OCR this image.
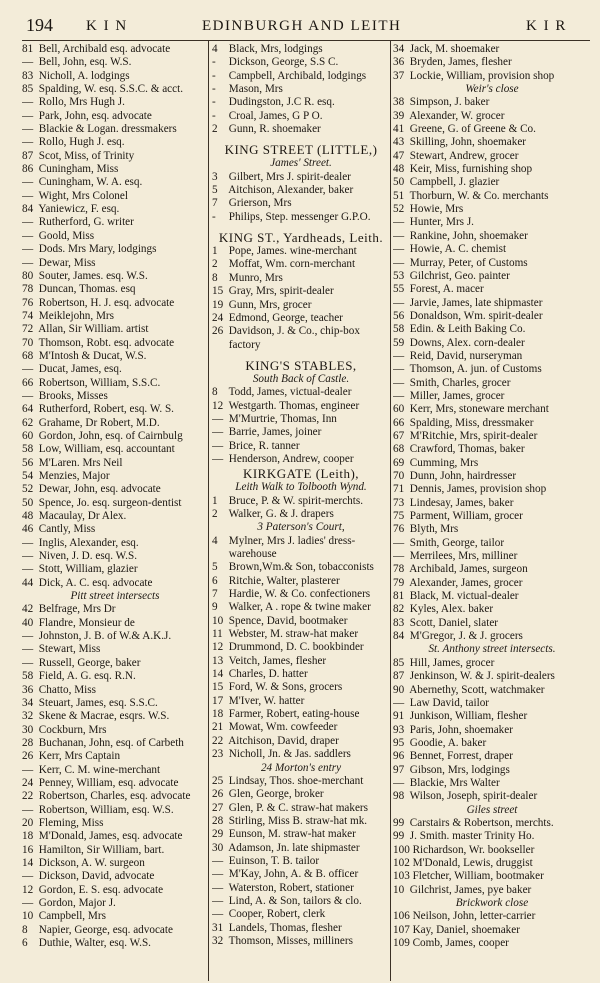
194 K I N	EDINBURGH AND LEITH	K I R
81 Bell, Archibald esq. advocate
— Bell, John, esq. W.S.
83 Nicholl, A. lodgings
85 Spalding, W. esq. S.S.C. & acct.
— Rollo, Mrs Hugh J.
— Park, John, esq. advocate
— Blackie & Logan. dressmakers
— Rollo, Hugh J. esq.
87 Scot, Miss, of Trinity
86 Cuningham, Miss
— Cuningham, W. A. esq.
— Wight, Mrs Colonel
84 Yaniewicz, F. esq.
— Rutherford, G. writer
— Goold, Miss
— Dods. Mrs Mary, lodgings
— Dewar, Miss
80 Souter, James. esq. W.S.
78 Duncan, Thomas. esq
76 Robertson, H. J. esq. advocate
74 Meiklejohn, Mrs
72 Allan, Sir William. artist
70 Thomson, Robt. esq. advocate
68 M'Intosh & Ducat, W.S.
— Ducat, James, esq.
66 Robertson, William, S.S.C.
— Brooks, Misses
64 Rutherford, Robert, esq. W. S.
62 Grahame, Dr Robert, M.D.
60 Gordon, John, esq. of Cairnbulg
58 Low, William, esq. accountant
56 M'Laren. Mrs Neil
54 Menzies, Major
52 Dewar, John, esq. advocate
50 Spence, Jo. esq. surgeon-dentist
48 Macaulay, Dr Alex.
46 Cantly, Miss
— Inglis, Alexander, esq.
— Niven, J. D. esq. W.S.
— Stott, William, glazier
44 Dick, A. C. esq. advocate
Pitt street intersects
42 Belfrage, Mrs Dr
40 Flandre, Monsieur de
— Johnston, J. B. of W.& A.K.J.
— Stewart, Miss
— Russell, George, baker
58 Field, A. G. esq. R.N.
36 Chatto, Miss
34 Steuart, James, esq. S.S.C.
32 Skene & Macrae, esqrs. W.S.
30 Cockburn, Mrs
28 Buchanan, John, esq. of Carbeth
26 Kerr, Mrs Captain
— Kerr, C. M. wine-merchant
24 Penney, William, esq. advocate
22 Robertson, Charles, esq. advocate
— Robertson, William, esq. W.S.
20 Fleming, Miss
18 M'Donald, James, esq. advocate
16 Hamilton, Sir William, bart.
14 Dickson, A. W. surgeon
— Dickson, David, advocate
12 Gordon, E. S. esq. advocate
— Gordon, Major J.
10 Campbell, Mrs
8 Napier, George, esq. advocate
6 Duthie, Walter, esq. W.S.
4 Black, Mrs, lodgings
- Dickson, George, S.S C.
- Campbell, Archibald, lodgings
- Mason, Mrs
- Dudingston, J.C R. esq.
- Croal, James, G P O.
2 Gunn, R. shoemaker
KING STREET (LITTLE,)
James' Street.
3 Gilbert, Mrs J. spirit-dealer
5 Aitchison, Alexander, baker
7 Grierson, Mrs
- Philips, Step. messenger G.P.O.
KING ST., Yardheads, Leith.
1 Pope, James. wine-merchant
2 Moffat, Wm. corn-merchant
8 Munro, Mrs
15 Gray, Mrs, spirit-dealer
19 Gunn, Mrs, grocer
24 Edmond, George, teacher
26 Davidson, J. & Co., chip-box
factory
KING'S STABLES,
South Back of Castle.
8 Todd, James, victual-dealer
12 Westgarth. Thomas, engineer
— M'Murtrie, Thomas, Inn
— Barrie, James, joiner
— Brice, R. tanner
— Henderson, Andrew, cooper
KIRKGATE (Leith),
Leith Walk to Tolbooth Wynd.
1 Bruce, P. & W. spirit-merchts.
2 Walker, G. & J. drapers
3 Paterson's Court,
4 Mylner, Mrs J. ladies' dress-
warehouse
5 Brown,Wm.& Son, tobacconists
6 Ritchie, Walter, plasterer
7 Hardie, W. & Co. confectioners
9 Walker, A . rope & twine maker
10 Spence, David, bootmaker
11 Webster, M. straw-hat maker
12 Drummond, D. C. bookbinder
13 Veitch, James, flesher
14 Charles, D. hatter
15 Ford, W. & Sons, grocers
17 M'Iver, W. hatter
18 Farmer, Robert, eating-house
21 Mowat, Wm. cowfeeder
22 Aitchison, David, draper
23 Nicholl, Jn. & Jas. saddlers
24 Morton's entry
25 Lindsay, Thos. shoe-merchant
26 Glen, George, broker
27 Glen, P. & C. straw-hat makers
28 Stirling, Miss B. straw-hat mk.
29 Eunson, M. straw-hat maker
30 Adamson, Jn. late shipmaster
— Euinson, T. B. tailor
— M'Kay, John, A. & B. officer
— Waterston, Robert, stationer
— Lind, A. & Son, tailors & clo.
— Cooper, Robert, clerk
31 Landels, Thomas, flesher
32 Thomson, Misses, milliners
34 Jack, M. shoemaker
36 Bryden, James, flesher
37 Lockie, William, provision shop
Weir's close
38 Simpson, J. baker
39 Alexander, W. grocer
41 Greene, G. of Greene & Co.
43 Skilling, John, shoemaker
47 Stewart, Andrew, grocer
48 Keir, Miss, furnishing shop
50 Campbell, J. glazier
51 Thorburn, W. & Co. merchants
52 Howie, Mrs
— Hunter, Mrs J.
— Rankine, John, shoemaker
— Howie, A. C. chemist
— Murray, Peter, of Customs
53 Gilchrist, Geo. painter
55 Forest, A. macer
— Jarvie, James, late shipmaster
56 Donaldson, Wm. spirit-dealer
58 Edin. & Leith Baking Co.
59 Downs, Alex. corn-dealer
— Reid, David, nurseryman
— Thomson, A. jun. of Customs
— Smith, Charles, grocer
— Miller, James, grocer
60 Kerr, Mrs, stoneware merchant
66 Spalding, Miss, dressmaker
67 M'Ritchie, Mrs, spirit-dealer
68 Crawford, Thomas, baker
69 Cumming, Mrs
70 Dunn, John, hairdresser
71 Dennis, James, provision shop
73 Lindesay, James, baker
75 Parment, William, grocer
76 Blyth, Mrs
— Smith, George, tailor
— Merrilees, Mrs, milliner
78 Archibald, James, surgeon
79 Alexander, James, grocer
81 Black, M. victual-dealer
82 Kyles, Alex. baker
83 Scott, Daniel, slater
84 M'Gregor, J. & J. grocers
St. Anthony street intersects.
85 Hill, James, grocer
87 Jenkinson, W. & J. spirit-dealers
90 Abernethy, Scott, watchmaker
— Law David, tailor
91 Junkison, William, flesher
93 Paris, John, shoemaker
95 Goodie, A. baker
96 Bennet, Forrest, draper
97 Gibson, Mrs, lodgings
— Blackie, Mrs Walter
98 Wilson, Joseph, spirit-dealer
Giles street
99 Carstairs & Robertson, merchts.
99 J. Smith. master Trinity Ho.
100 Richardson, Wr. bookseller
102 M'Donald, Lewis, druggist
103 Fletcher, William, bootmaker
10 Gilchrist, James, pye baker
Brickwork close
106 Neilson, John, letter-carrier
107 Kay, Daniel, shoemaker
109 Comb, James, cooper
